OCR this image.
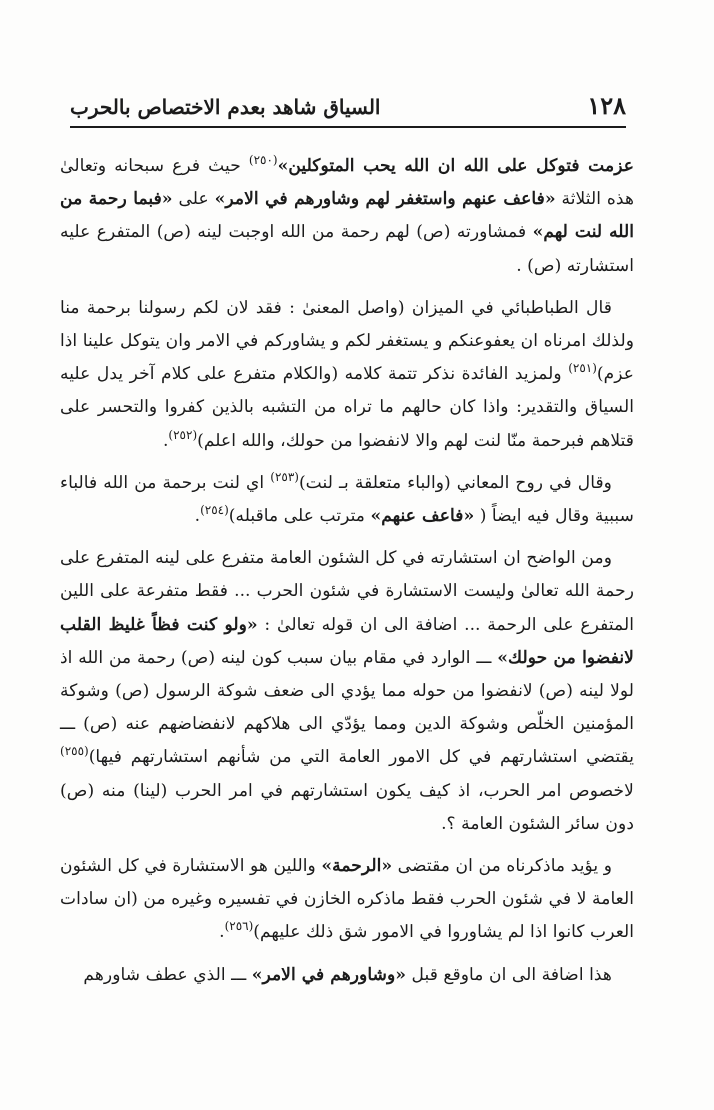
١٢٨
السياق شاهد بعدم الاختصاص بالحرب

عزمت فتوكل على الله ان الله يحب المتوكلين»$^{(٢٥٠)}$ حيث فرع سبحانه وتعالىٰ هذه الثلاثة «فاعف عنهم واستغفر لهم وشاورهم في الامر» على «فبما رحمة من الله لنت لهم» فمشاورته (ص) لهم رحمة من الله اوجبت لينه (ص) المتفرع عليه استشارته (ص) .

قال الطباطبائي في الميزان (واصل المعنىٰ : فقد لان لكم رسولنا برحمة منا ولذلك امرناه ان يعفوعنكم و يستغفر لكم و يشاوركم في الامر وان يتوكل علينا اذا عزم)$^{(٢٥١)}$ ولمزيد الفائدة نذكر تتمة كلامه (والكلام متفرع على كلام آخر يدل عليه السياق والتقدير: واذا كان حالهم ما تراه من التشبه بالذين كفروا والتحسر على قتلاهم فبرحمة منّا لنت لهم والا لانفضوا من حولك، والله اعلم)$^{(٢٥٢)}$.

وقال في روح المعاني (والباء متعلقة بـ لنت)$^{(٢٥٣)}$ اي لنت برحمة من الله فالباء سببية وقال فيه ايضاً ( «فاعف عنهم» مترتب على ماقبله)$^{(٢٥٤)}$.

ومن الواضح ان استشارته في كل الشئون العامة متفرع على لينه المتفرع على رحمة الله تعالىٰ وليست الاستشارة في شئون الحرب ... فقط متفرعة على اللين المتفرع على الرحمة ... اضافة الى ان قوله تعالىٰ : «ولو كنت فظاً غليظ القلب لانفضوا من حولك» ـــ الوارد في مقام بيان سبب كون لينه (ص) رحمة من الله اذ لولا لينه (ص) لانفضوا من حوله مما يؤدي الى ضعف شوكة الرسول (ص) وشوكة المؤمنين الخلّص وشوكة الدين ومما يؤدّي الى هلاكهم لانفضاضهم عنه (ص) ـــ يقتضي استشارتهم في كل الامور العامة التي من شأنهم استشارتهم فيها)$^{(٢٥٥)}$ لاخصوص امر الحرب، اذ كيف يكون استشارتهم في امر الحرب (لينا) منه (ص) دون سائر الشئون العامة ؟.

و يؤيد ماذكرناه من ان مقتضى «الرحمة» واللين هو الاستشارة في كل الشئون العامة لا في شئون الحرب فقط ماذكره الخازن في تفسيره وغيره من (ان سادات العرب كانوا اذا لم يشاوروا في الامور شق ذلك عليهم)$^{(٢٥٦)}$.

هذا اضافة الى ان ماوقع قبل «وشاورهم في الامر» ـــ الذي عطف شاورهم
